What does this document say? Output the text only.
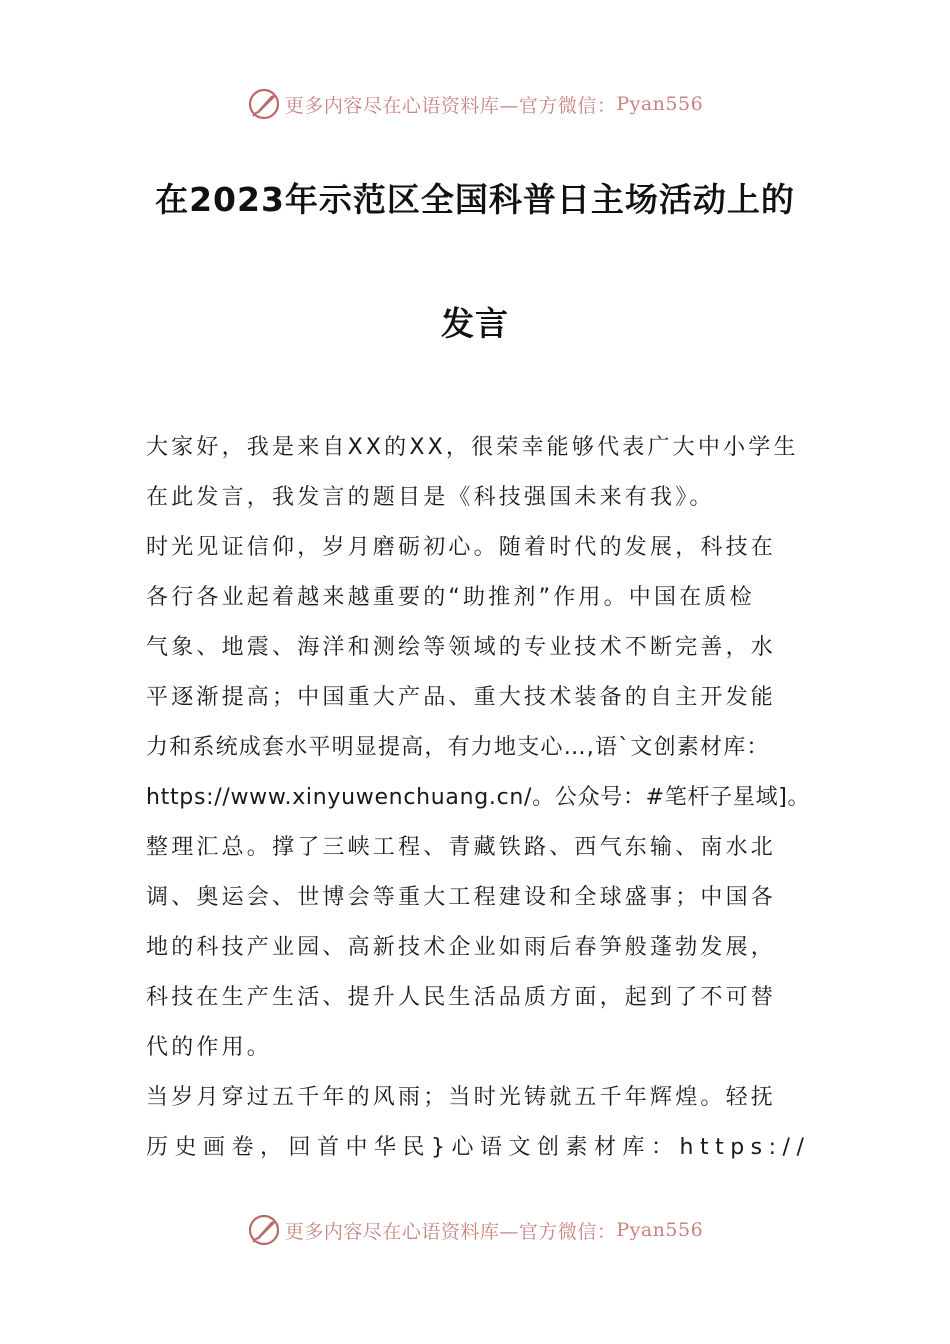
更多内容尽在心语资料库—官方微信： Pyan556
在2023年示范区全国科普日主场活动上的
发言
大家好，我是来自XX的XX，很荣幸能够代表广大中小学生
在此发言，我发言的题目是《科技强国未来有我》。
时光见证信仰，岁月磨砺初心。随着时代的发展，科技在
各行各业起着越来越重要的“助推剂”作用。中国在质检
气象、地震、海洋和测绘等领域的专业技术不断完善，水
平逐渐提高；中国重大产品、重大技术装备的自主开发能
力和系统成套水平明显提高，有力地支心…,语`文创素材库：
https://www.xinyuwenchuang.cn/。公众号：#笔杆子星域]。
整理汇总。撑了三峡工程、青藏铁路、西气东输、南水北
调、奥运会、世博会等重大工程建设和全球盛事；中国各
地的科技产业园、高新技术企业如雨后春笋般蓬勃发展，
科技在生产生活、提升人民生活品质方面，起到了不可替
代的作用。
当岁月穿过五千年的风雨；当时光铸就五千年辉煌。轻抚
历史画卷，回首中华民}心语文创素材库：https://
更多内容尽在心语资料库—官方微信： Pyan556
